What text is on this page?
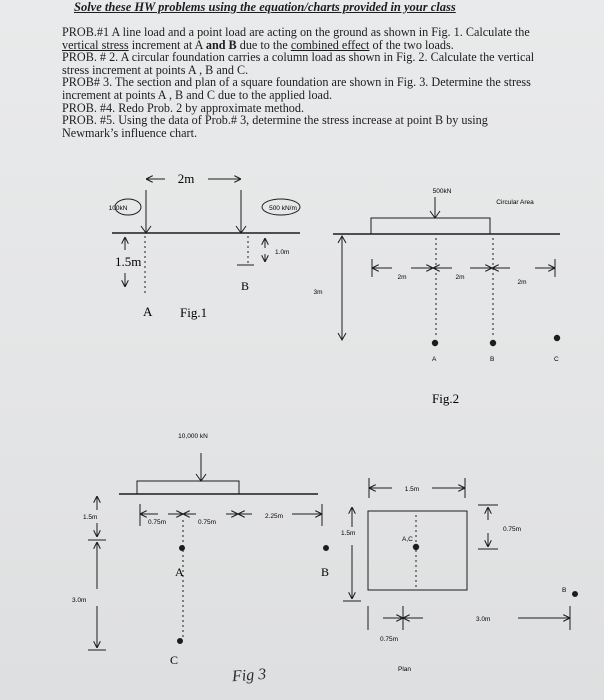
Solve these HW problems using the equation/charts provided in your class

PROB.#1 A line load and a point load are acting on the ground as shown in Fig. 1. Calculate the vertical stress increment at A and B due to the combined effect of the two loads.

PROB. # 2. A circular foundation carries a column load as shown in Fig. 2. Calculate the vertical stress increment at points A , B and C.

PROB# 3. The section and plan of a square foundation are shown in Fig. 3. Determine the stress increment at points A , B and C due to the applied load.

PROB. #4. Redo Prob. 2 by approximate method.

PROB. #5. Using the data of Prob.# 3, determine the stress increase at point B by using Newmark’s influence chart.

100kN
2m
500 kN/m
1.5m
1.0m
A
B
Fig.1
500kN
Circular Area
2m	2m
2m
3m
A	B	C
Fig.2
10,000 kN
1.5m
0.75m	0.75m
2.25m
3.0m
A	B
C
1.5m
1.5m
A,C
0.75m
B
3.0m
0.75m
Plan
Fig 3
